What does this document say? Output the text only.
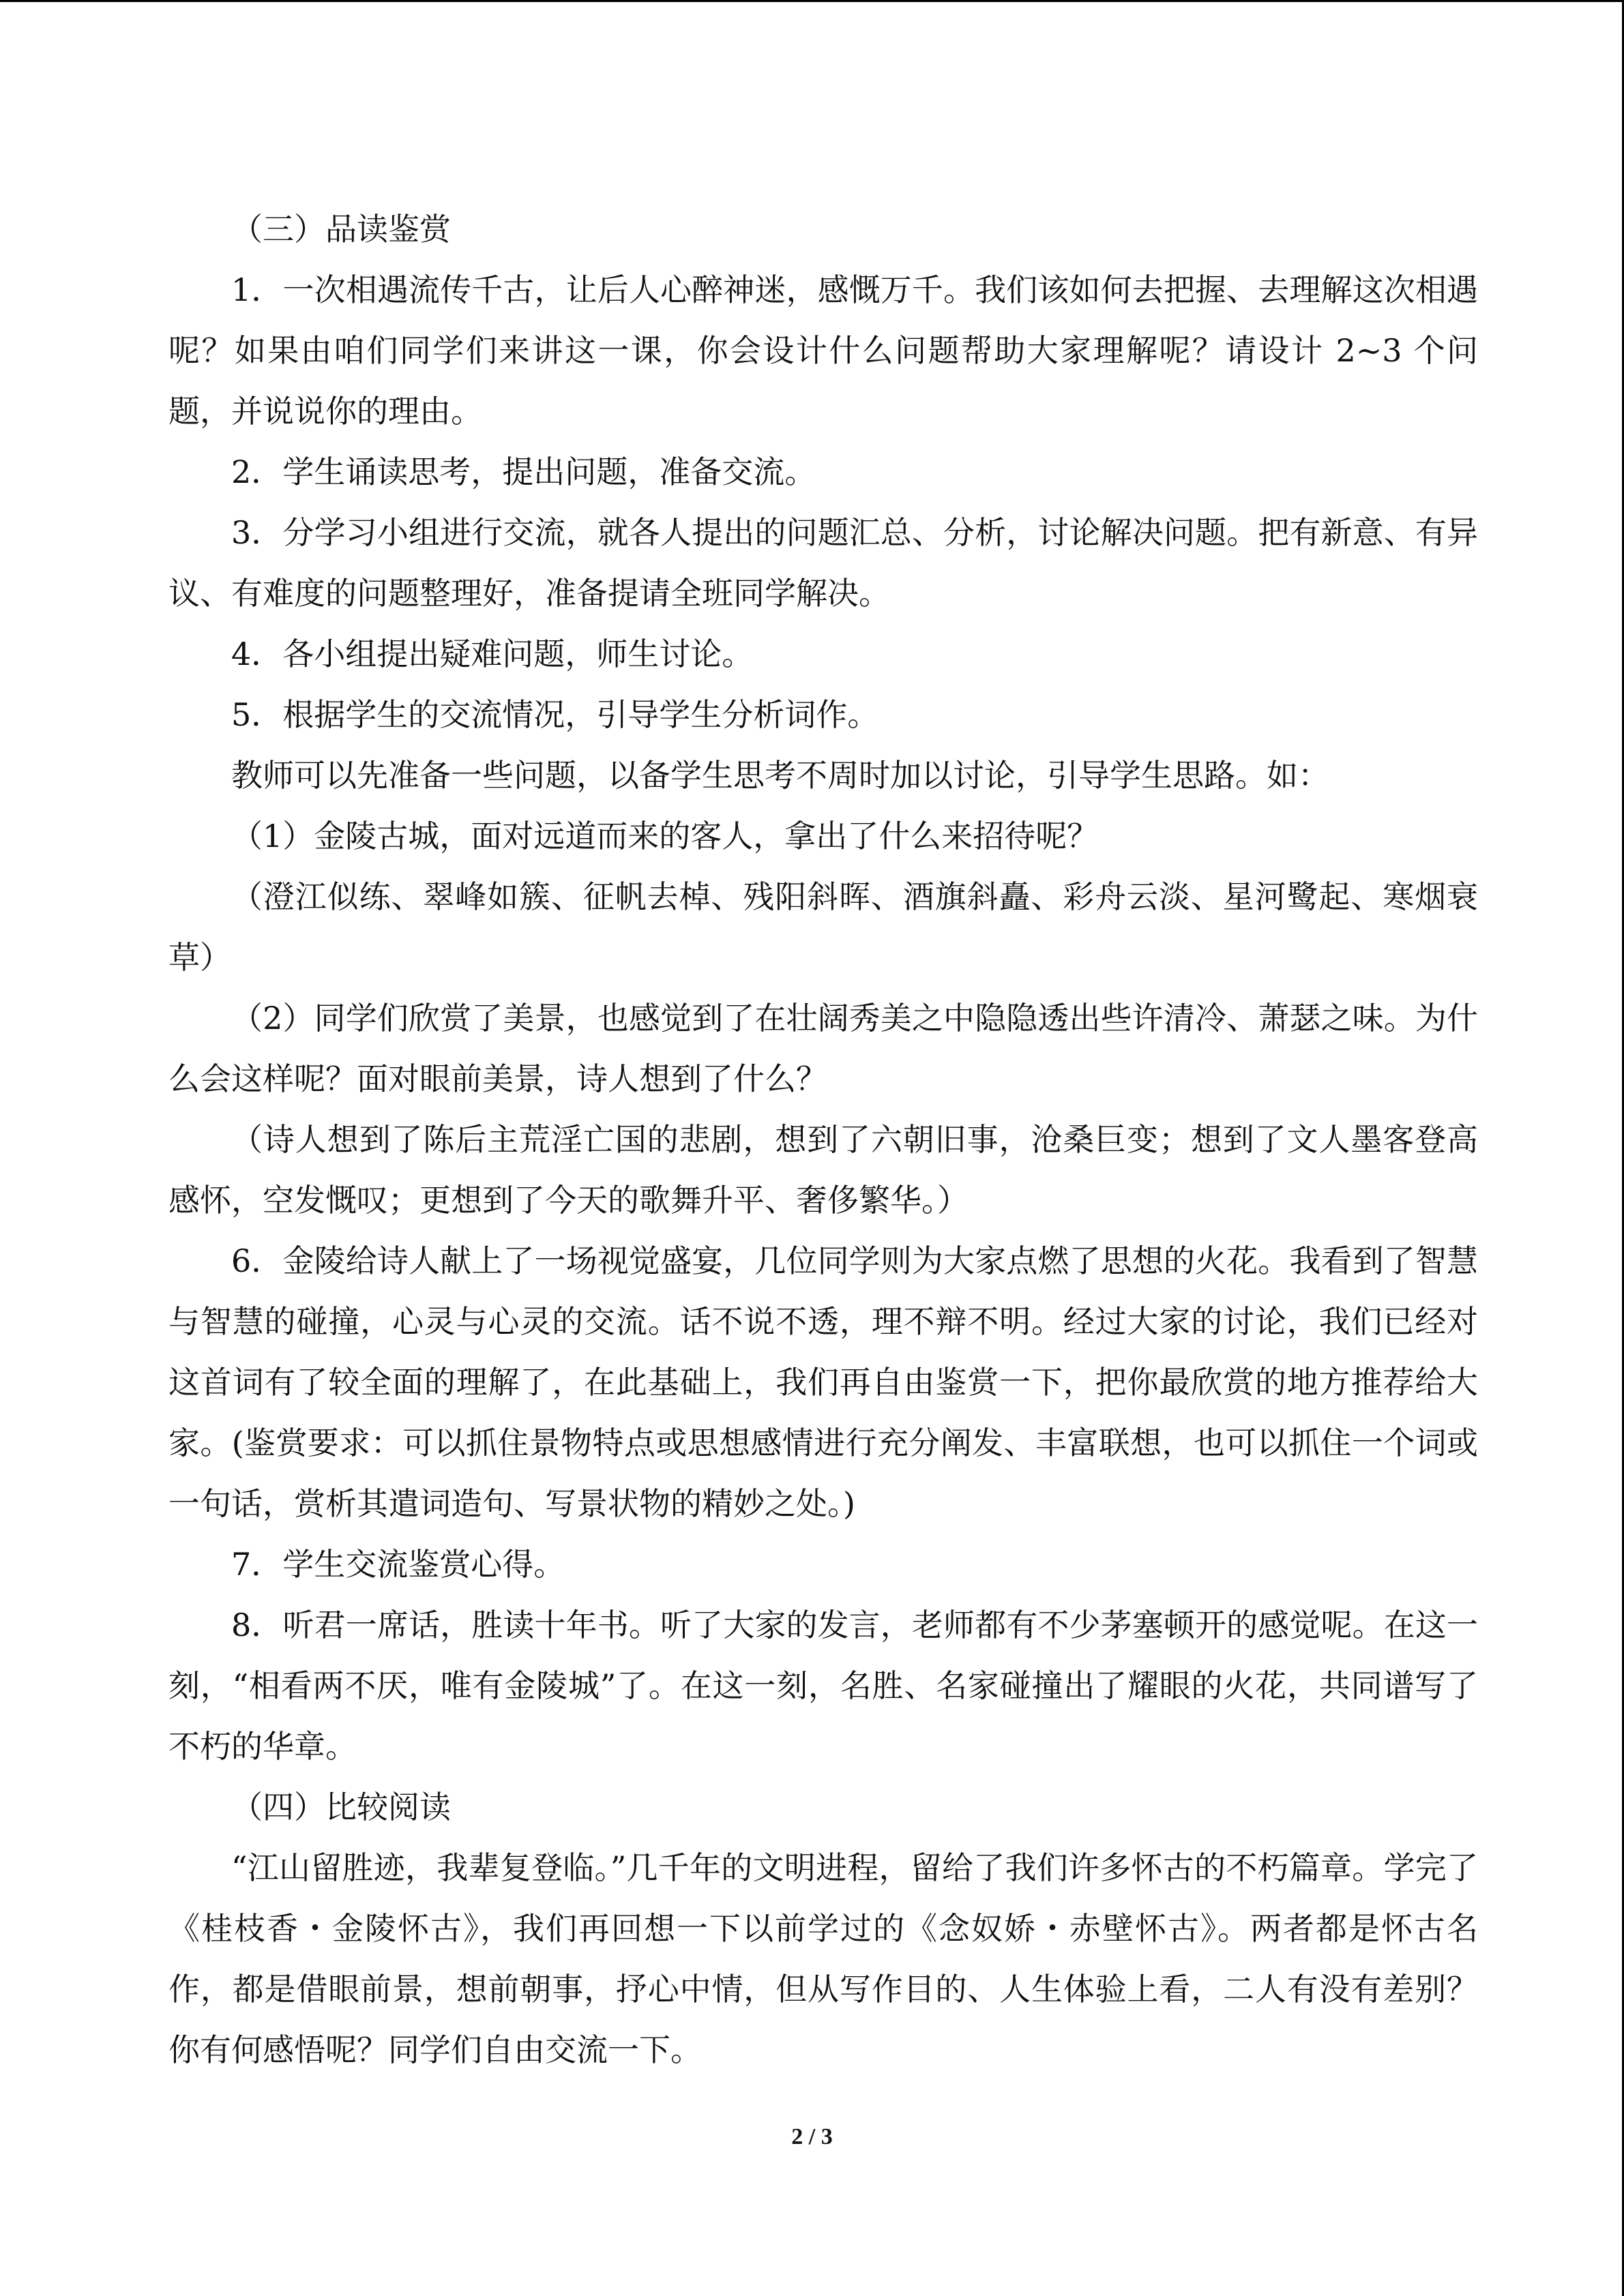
（三）品读鉴赏

1．一次相遇流传千古，让后人心醉神迷，感慨万千。我们该如何去把握、去理解这次相遇呢？如果由咱们同学们来讲这一课，你会设计什么问题帮助大家理解呢？请设计 2~3 个问题，并说说你的理由。

2．学生诵读思考，提出问题，准备交流。

3．分学习小组进行交流，就各人提出的问题汇总、分析，讨论解决问题。把有新意、有异议、有难度的问题整理好，准备提请全班同学解决。

4．各小组提出疑难问题，师生讨论。

5．根据学生的交流情况，引导学生分析词作。

教师可以先准备一些问题，以备学生思考不周时加以讨论，引导学生思路。如：

（1）金陵古城，面对远道而来的客人，拿出了什么来招待呢？

（澄江似练、翠峰如簇、征帆去棹、残阳斜晖、酒旗斜矗、彩舟云淡、星河鹭起、寒烟衰草）

（2）同学们欣赏了美景，也感觉到了在壮阔秀美之中隐隐透出些许清冷、萧瑟之味。为什么会这样呢？面对眼前美景，诗人想到了什么？

（诗人想到了陈后主荒淫亡国的悲剧，想到了六朝旧事，沧桑巨变；想到了文人墨客登高感怀，空发慨叹；更想到了今天的歌舞升平、奢侈繁华。）

6．金陵给诗人献上了一场视觉盛宴，几位同学则为大家点燃了思想的火花。我看到了智慧与智慧的碰撞，心灵与心灵的交流。话不说不透，理不辩不明。经过大家的讨论，我们已经对这首词有了较全面的理解了，在此基础上，我们再自由鉴赏一下，把你最欣赏的地方推荐给大家。(鉴赏要求：可以抓住景物特点或思想感情进行充分阐发、丰富联想，也可以抓住一个词或一句话，赏析其遣词造句、写景状物的精妙之处。)

7．学生交流鉴赏心得。

8．听君一席话，胜读十年书。听了大家的发言，老师都有不少茅塞顿开的感觉呢。在这一刻，“相看两不厌，唯有金陵城”了。在这一刻，名胜、名家碰撞出了耀眼的火花，共同谱写了不朽的华章。

（四）比较阅读

“江山留胜迹，我辈复登临。”几千年的文明进程，留给了我们许多怀古的不朽篇章。学完了《桂枝香・金陵怀古》，我们再回想一下以前学过的《念奴娇・赤壁怀古》。两者都是怀古名作，都是借眼前景，想前朝事，抒心中情，但从写作目的、人生体验上看，二人有没有差别？你有何感悟呢？同学们自由交流一下。

2 / 3
